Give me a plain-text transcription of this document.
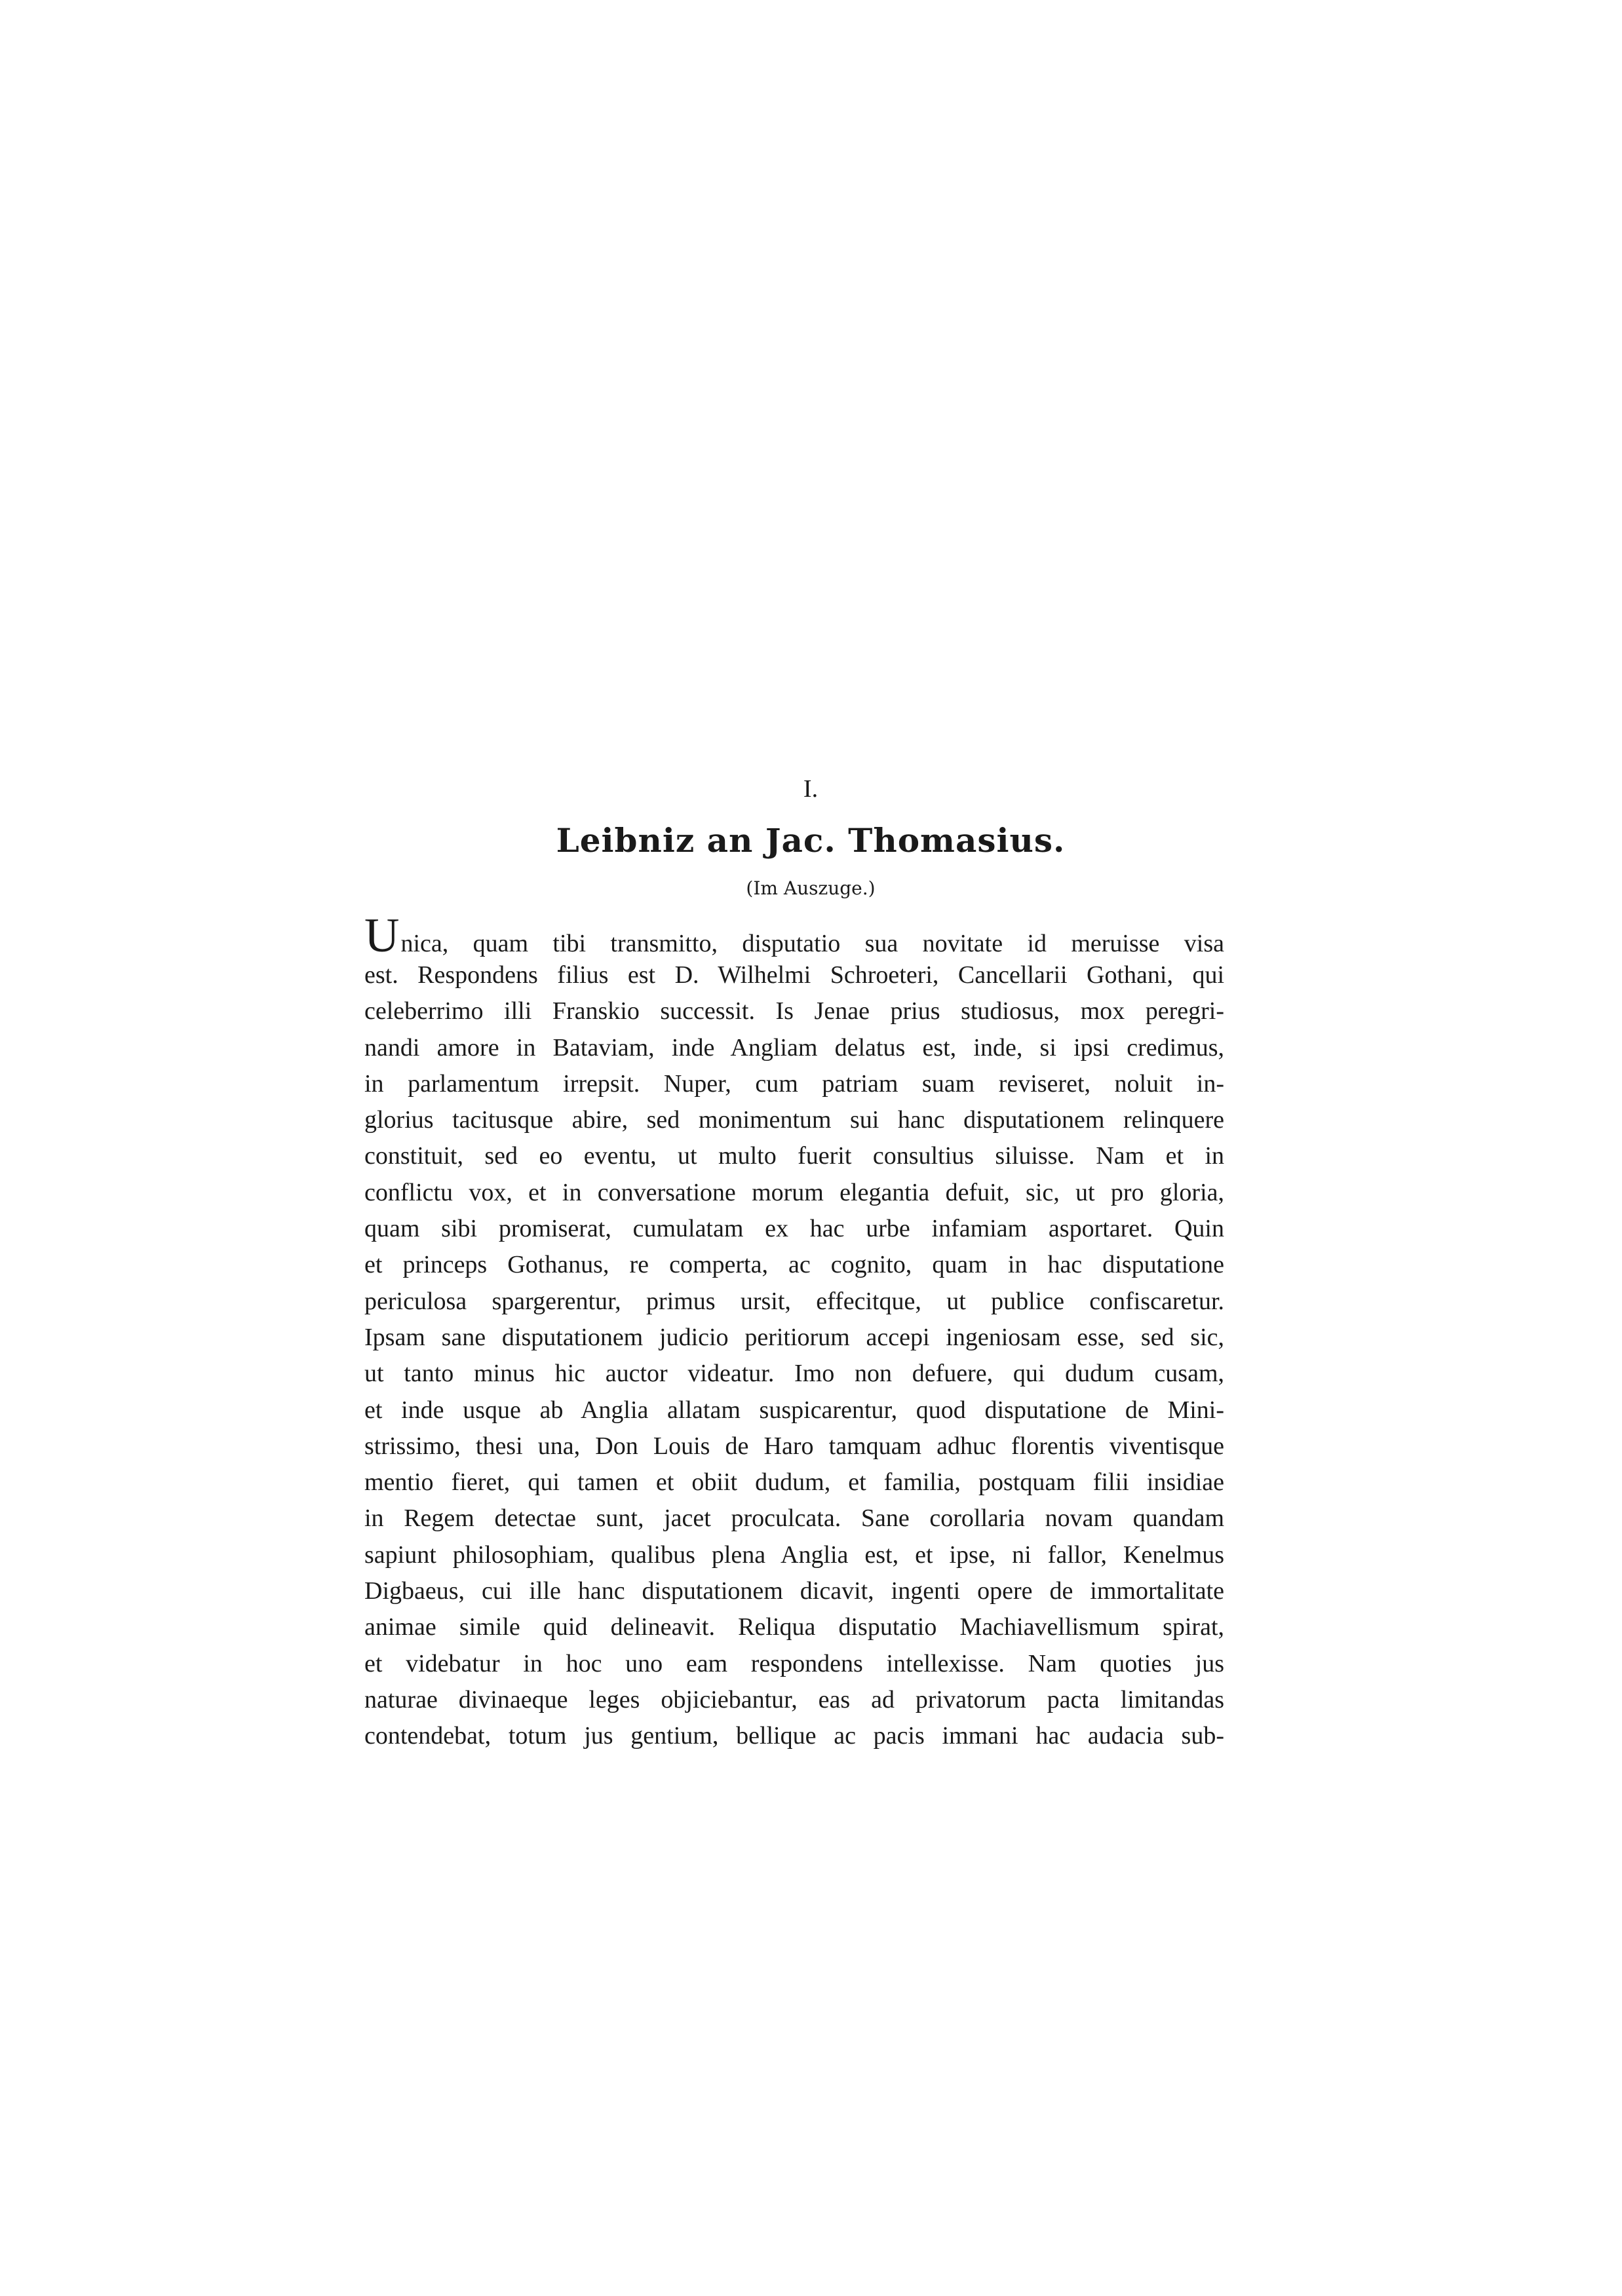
I.
Leibniz an Jac. Thomasius.
(Im Auszuge.)
Unica, quam tibi transmitto, disputatio sua novitate id meruisse visa
est. Respondens filius est D. Wilhelmi Schroeteri, Cancellarii Gothani, qui
celeberrimo illi Franskio successit. Is Jenae prius studiosus, mox peregri-
nandi amore in Bataviam, inde Angliam delatus est, inde, si ipsi credimus,
in parlamentum irrepsit. Nuper, cum patriam suam reviseret, noluit in-
glorius tacitusque abire, sed monimentum sui hanc disputationem relinquere
constituit, sed eo eventu, ut multo fuerit consultius siluisse. Nam et in
conflictu vox, et in conversatione morum elegantia defuit, sic, ut pro gloria,
quam sibi promiserat, cumulatam ex hac urbe infamiam asportaret. Quin
et princeps Gothanus, re comperta, ac cognito, quam in hac disputatione
periculosa spargerentur, primus ursit, effecitque, ut publice confiscaretur.
Ipsam sane disputationem judicio peritiorum accepi ingeniosam esse, sed sic,
ut tanto minus hic auctor videatur. Imo non defuere, qui dudum cusam,
et inde usque ab Anglia allatam suspicarentur, quod disputatione de Mini-
strissimo, thesi una, Don Louis de Haro tamquam adhuc florentis viventisque
mentio fieret, qui tamen et obiit dudum, et familia, postquam filii insidiae
in Regem detectae sunt, jacet proculcata. Sane corollaria novam quandam
sapiunt philosophiam, qualibus plena Anglia est, et ipse, ni fallor, Kenelmus
Digbaeus, cui ille hanc disputationem dicavit, ingenti opere de immortalitate
animae simile quid delineavit. Reliqua disputatio Machiavellismum spirat,
et videbatur in hoc uno eam respondens intellexisse. Nam quoties jus
naturae divinaeque leges objiciebantur, eas ad privatorum pacta limitandas
contendebat, totum jus gentium, bellique ac pacis immani hac audacia sub-
